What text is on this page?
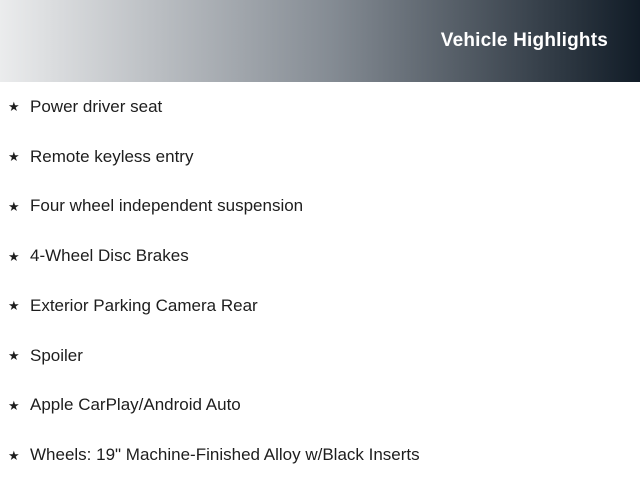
Vehicle Highlights
★ Power driver seat
★ Remote keyless entry
★ Four wheel independent suspension
★ 4-Wheel Disc Brakes
★ Exterior Parking Camera Rear
★ Spoiler
★ Apple CarPlay/Android Auto
★ Wheels: 19" Machine-Finished Alloy w/Black Inserts
